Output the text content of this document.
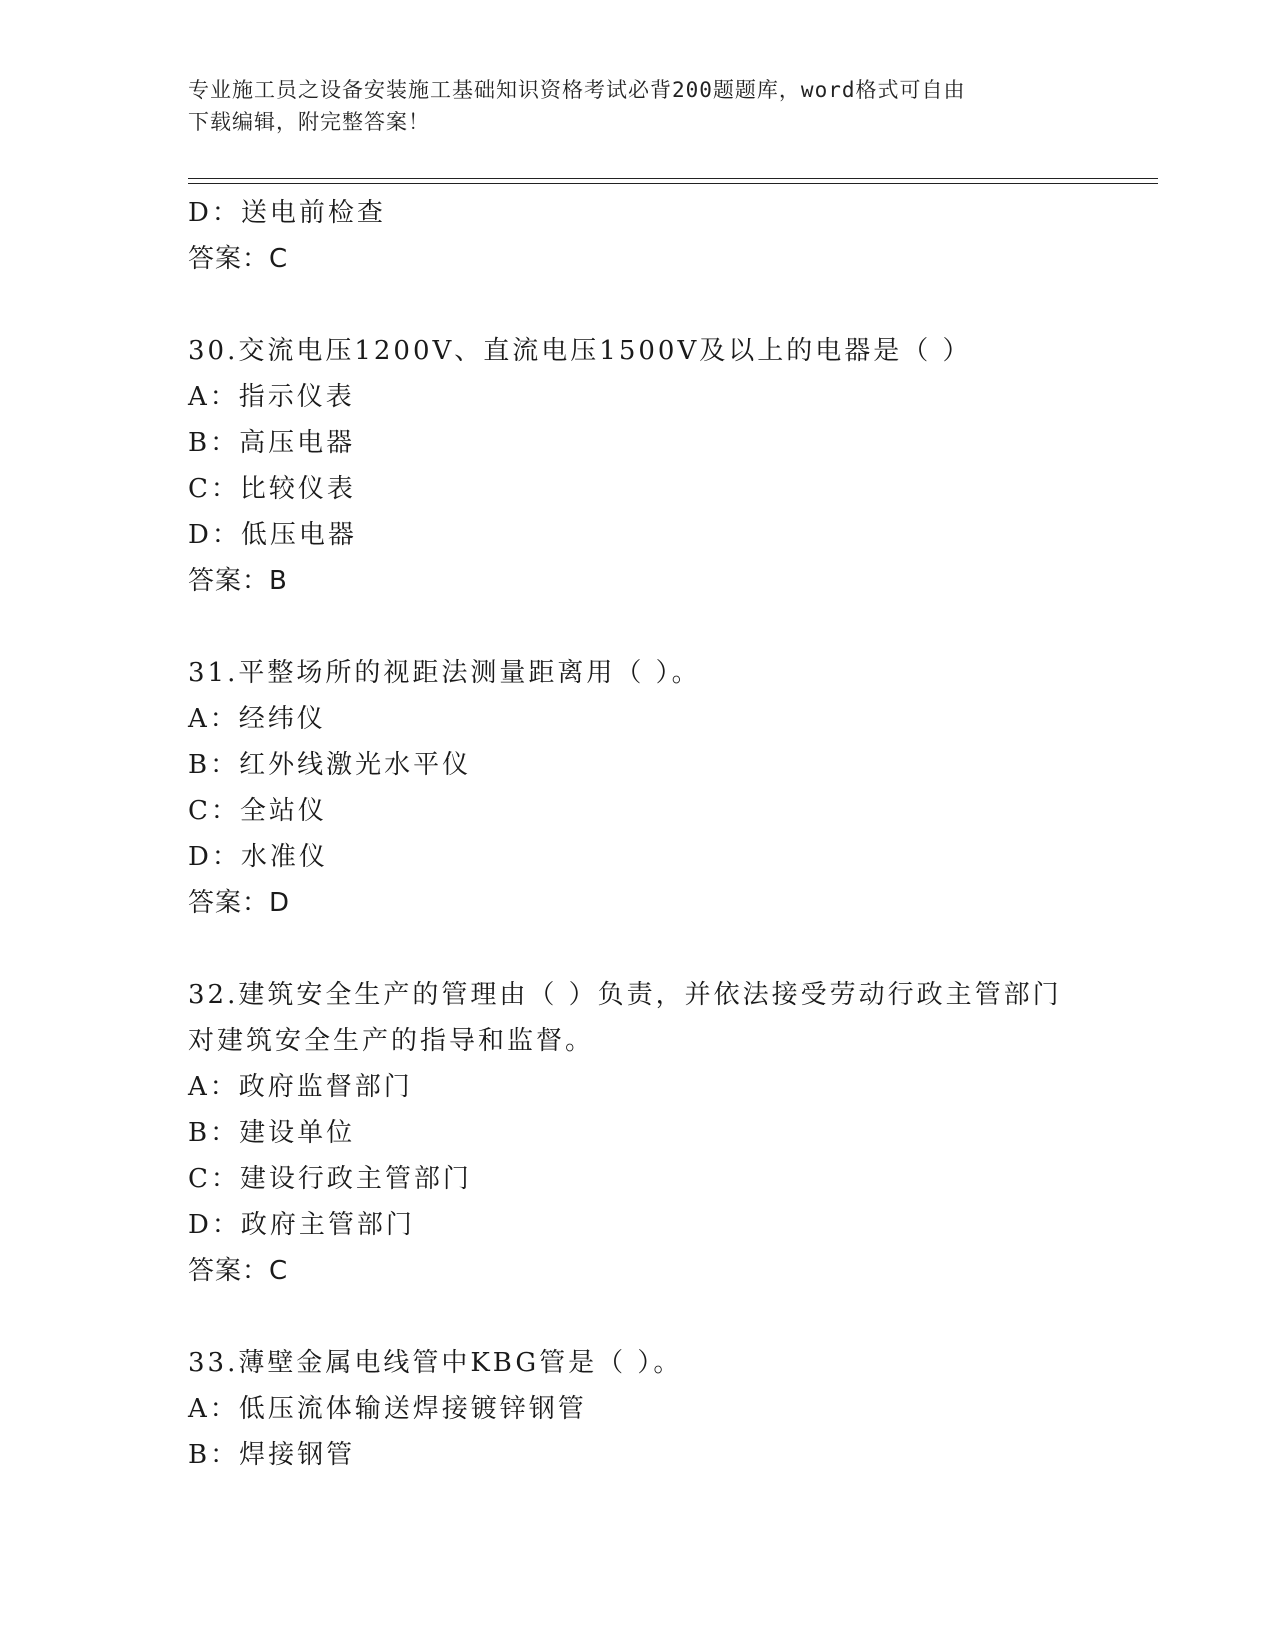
专业施工员之设备安装施工基础知识资格考试必背200题题库，word格式可自由
下载编辑，附完整答案！
D：送电前检查
答案：C
30.交流电压1200V、直流电压1500V及以上的电器是（ ）
A：指示仪表
B：高压电器
C：比较仪表
D：低压电器
答案：B
31.平整场所的视距法测量距离用（ ）。
A：经纬仪
B：红外线激光水平仪
C：全站仪
D：水准仪
答案：D
32.建筑安全生产的管理由（ ）负责，并依法接受劳动行政主管部门
对建筑安全生产的指导和监督。
A：政府监督部门
B：建设单位
C：建设行政主管部门
D：政府主管部门
答案：C
33.薄壁金属电线管中KBG管是（ ）。
A：低压流体输送焊接镀锌钢管
B：焊接钢管
